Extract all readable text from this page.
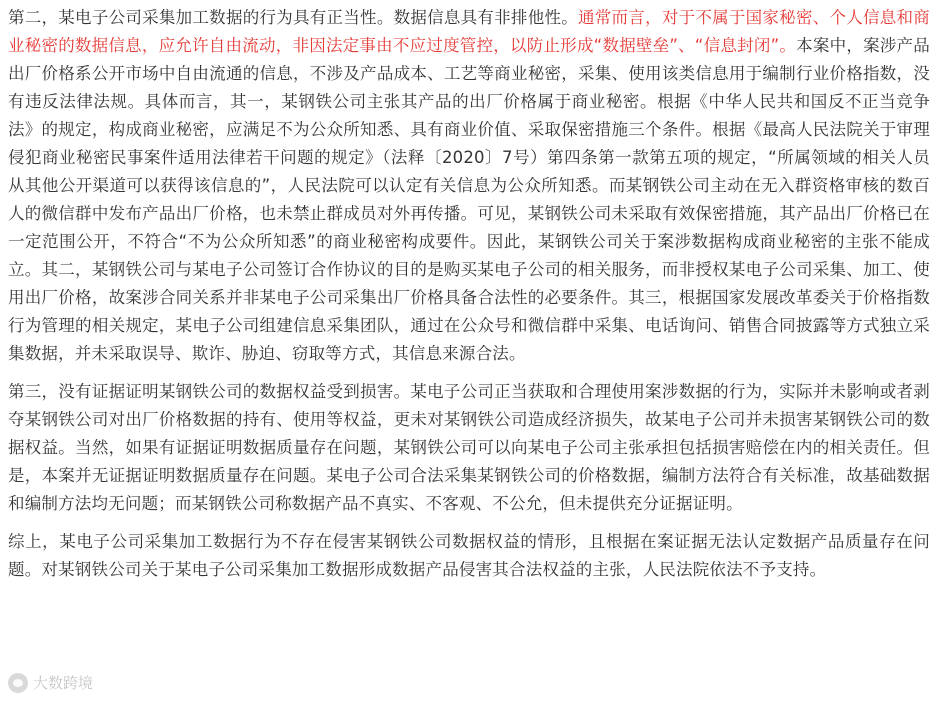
第二，某电子公司采集加工数据的行为具有正当性。数据信息具有非排他性。通常而言，对于不属于国家秘密、个人信息和商业秘密的数据信息，应允许自由流动，非因法定事由不应过度管控，以防止形成“数据壁垒”、“信息封闭”。本案中，案涉产品出厂价格系公开市场中自由流通的信息，不涉及产品成本、工艺等商业秘密，采集、使用该类信息用于编制行业价格指数，没有违反法律法规。具体而言，其一，某钢铁公司主张其产品的出厂价格属于商业秘密。根据《中华人民共和国反不正当竞争法》的规定，构成商业秘密，应满足不为公众所知悉、具有商业价值、采取保密措施三个条件。根据《最高人民法院关于审理侵犯商业秘密民事案件适用法律若干问题的规定》（法释〔2020〕7号）第四条第一款第五项的规定，“所属领域的相关人员从其他公开渠道可以获得该信息的”，人民法院可以认定有关信息为公众所知悉。而某钢铁公司主动在无入群资格审核的数百人的微信群中发布产品出厂价格，也未禁止群成员对外再传播。可见，某钢铁公司未采取有效保密措施，其产品出厂价格已在一定范围公开，不符合“不为公众所知悉”的商业秘密构成要件。因此，某钢铁公司关于案涉数据构成商业秘密的主张不能成立。其二，某钢铁公司与某电子公司签订合作协议的目的是购买某电子公司的相关服务，而非授权某电子公司采集、加工、使用出厂价格，故案涉合同关系并非某电子公司采集出厂价格具备合法性的必要条件。其三，根据国家发展改革委关于价格指数行为管理的相关规定，某电子公司组建信息采集团队，通过在公众号和微信群中采集、电话询问、销售合同披露等方式独立采集数据，并未采取误导、欺诈、胁迫、窃取等方式，其信息来源合法。

第三，没有证据证明某钢铁公司的数据权益受到损害。某电子公司正当获取和合理使用案涉数据的行为，实际并未影响或者剥夺某钢铁公司对出厂价格数据的持有、使用等权益，更未对某钢铁公司造成经济损失，故某电子公司并未损害某钢铁公司的数据权益。当然，如果有证据证明数据质量存在问题，某钢铁公司可以向某电子公司主张承担包括损害赔偿在内的相关责任。但是，本案并无证据证明数据质量存在问题。某电子公司合法采集某钢铁公司的价格数据，编制方法符合有关标准，故基础数据和编制方法均无问题；而某钢铁公司称数据产品不真实、不客观、不公允，但未提供充分证据证明。

综上，某电子公司采集加工数据行为不存在侵害某钢铁公司数据权益的情形，且根据在案证据无法认定数据产品质量存在问题。对某钢铁公司关于某电子公司采集加工数据形成数据产品侵害其合法权益的主张，人民法院依法不予支持。

大数跨境
